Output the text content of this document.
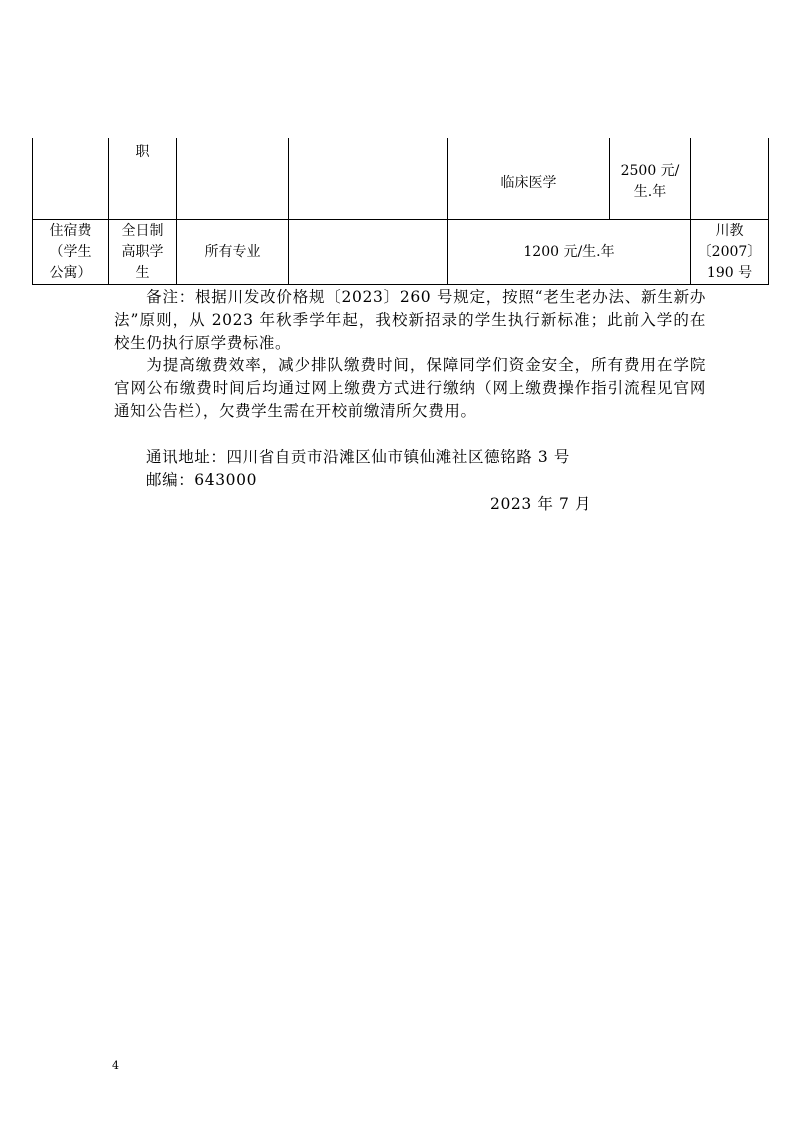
职
临床医学
2500 元/
生.年
住宿费
（学生
公寓）
全日制
高职学
生
所有专业	1200 元/生.年
川教
〔2007〕
190 号

备注：根据川发改价格规〔2023〕260 号规定，按照“老生老办法、新生新办法”原则，从 2023 年秋季学年起，我校新招录的学生执行新标准；此前入学的在校生仍执行原学费标准。

为提高缴费效率，减少排队缴费时间，保障同学们资金安全，所有费用在学院官网公布缴费时间后均通过网上缴费方式进行缴纳（网上缴费操作指引流程见官网通知公告栏），欠费学生需在开校前缴清所欠费用。

通讯地址：四川省自贡市沿滩区仙市镇仙滩社区德铭路 3 号
邮编：643000
2023 年 7 月
4
